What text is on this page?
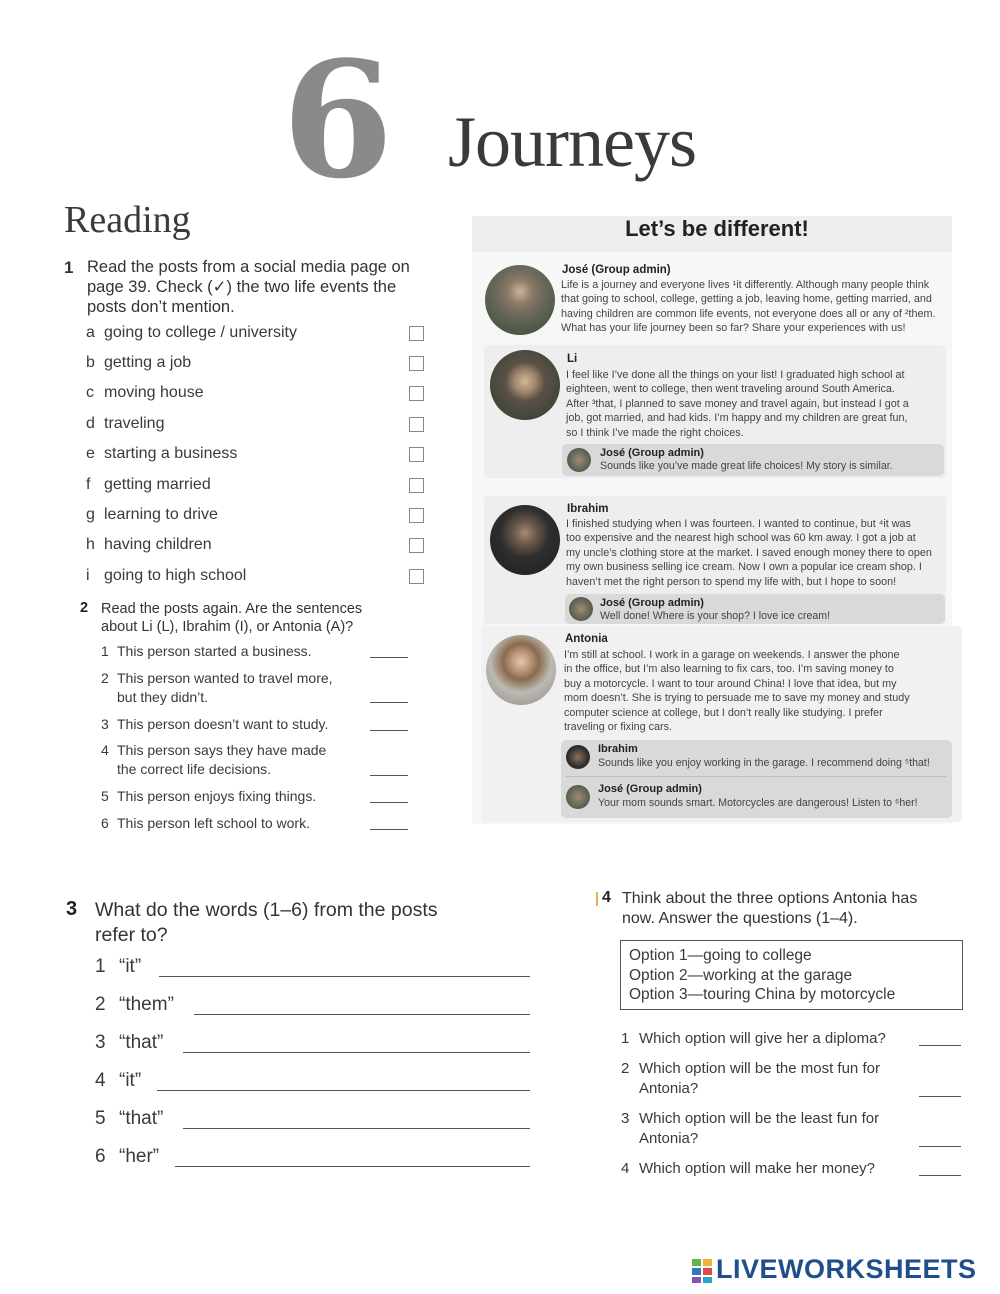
6 Journeys
Reading
1 Read the posts from a social media page on
page 39. Check (✓) the two life events the
posts don’t mention.
a going to college / university
b getting a job
c moving house
d traveling
e starting a business
f getting married
g learning to drive
h having children
i going to high school
2 Read the posts again. Are the sentences
about Li (L), Ibrahim (I), or Antonia (A)?
1 This person started a business.
2 This person wanted to travel more,
but they didn’t.
3 This person doesn’t want to study.
4 This person says they have made
the correct life decisions.
5 This person enjoys fixing things.
6 This person left school to work.
Let’s be different!
José (Group admin)
Life is a journey and everyone lives ¹it differently. Although many people think
that going to school, college, getting a job, leaving home, getting married, and
having children are common life events, not everyone does all or any of ²them.
What has your life journey been so far? Share your experiences with us!
Li
I feel like I’ve done all the things on your list! I graduated high school at
eighteen, went to college, then went traveling around South America.
After ³that, I planned to save money and travel again, but instead I got a
job, got married, and had kids. I’m happy and my children are great fun,
so I think I’ve made the right choices.
José (Group admin)
Sounds like you’ve made great life choices! My story is similar.
Ibrahim
I finished studying when I was fourteen. I wanted to continue, but ⁴it was
too expensive and the nearest high school was 60 km away. I got a job at
my uncle’s clothing store at the market. I saved enough money there to open
my own business selling ice cream. Now I own a popular ice cream shop. I
haven’t met the right person to spend my life with, but I hope to soon!
José (Group admin)
Well done! Where is your shop? I love ice cream!
Antonia
I’m still at school. I work in a garage on weekends. I answer the phone
in the office, but I’m also learning to fix cars, too. I’m saving money to
buy a motorcycle. I want to tour around China! I love that idea, but my
mom doesn’t. She is trying to persuade me to save my money and study
computer science at college, but I don’t really like studying. I prefer
traveling or fixing cars.
Ibrahim
Sounds like you enjoy working in the garage. I recommend doing ⁵that!
José (Group admin)
Your mom sounds smart. Motorcycles are dangerous! Listen to ⁶her!
3 What do the words (1–6) from the posts
refer to?
1 “it”
2 “them”
3 “that”
4 “it”
5 “that”
6 “her”
4 Think about the three options Antonia has
now. Answer the questions (1–4).
Option 1—going to college
Option 2—working at the garage
Option 3—touring China by motorcycle
1 Which option will give her a diploma?
2 Which option will be the most fun for
Antonia?
3 Which option will be the least fun for
Antonia?
4 Which option will make her money?
LIVEWORKSHEETS
